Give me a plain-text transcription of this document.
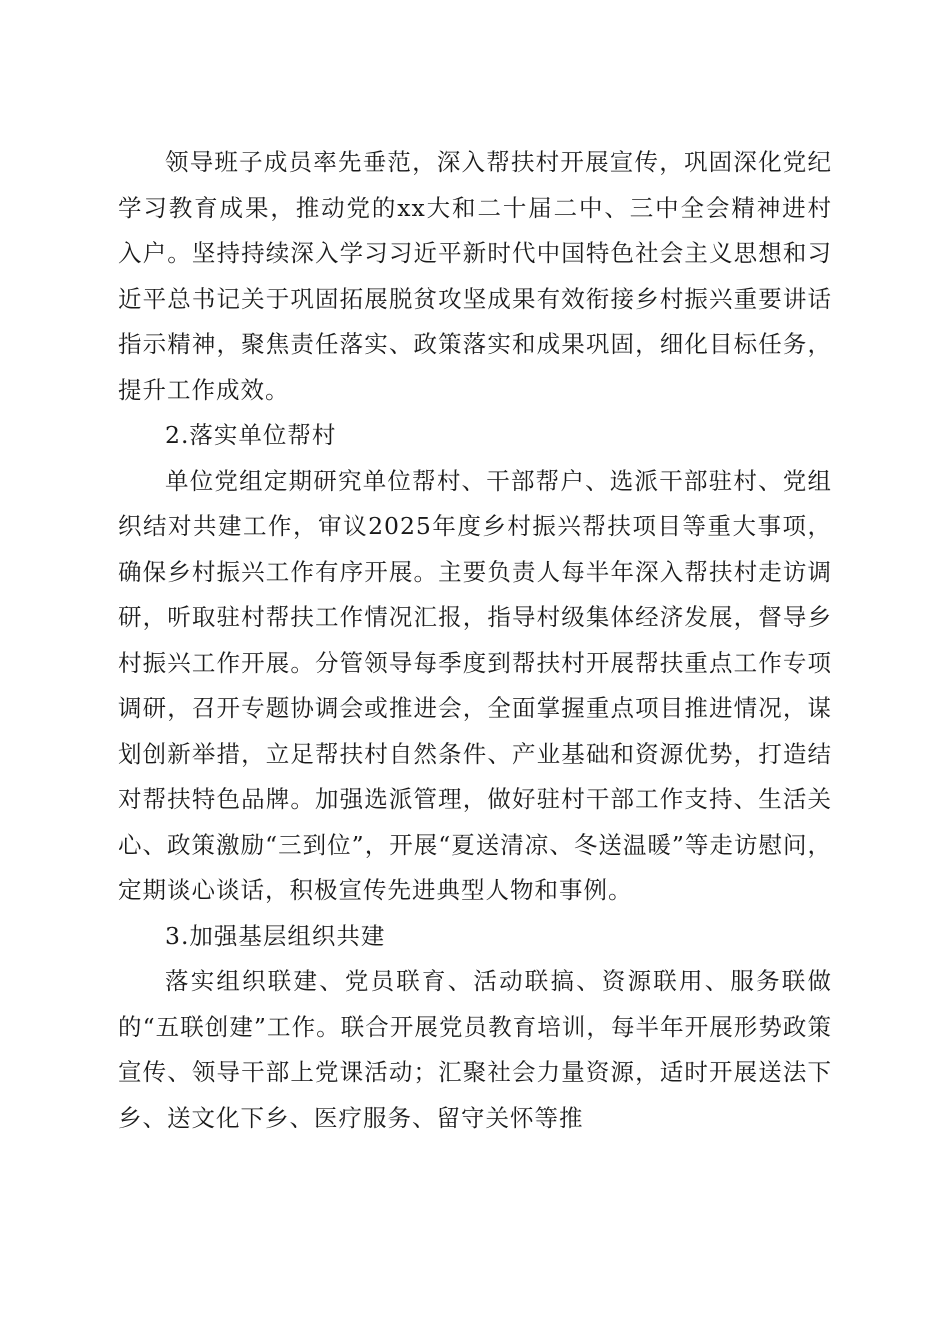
领导班子成员率先垂范，深入帮扶村开展宣传，巩固深化党纪学习教育成果，推动党的xx大和二十届二中、三中全会精神进村入户。坚持持续深入学习习近平新时代中国特色社会主义思想和习近平总书记关于巩固拓展脱贫攻坚成果有效衔接乡村振兴重要讲话指示精神，聚焦责任落实、政策落实和成果巩固，细化目标任务，提升工作成效。

2.落实单位帮村

单位党组定期研究单位帮村、干部帮户、选派干部驻村、党组织结对共建工作，审议2025年度乡村振兴帮扶项目等重大事项，确保乡村振兴工作有序开展。主要负责人每半年深入帮扶村走访调研，听取驻村帮扶工作情况汇报，指导村级集体经济发展，督导乡村振兴工作开展。分管领导每季度到帮扶村开展帮扶重点工作专项调研，召开专题协调会或推进会，全面掌握重点项目推进情况，谋划创新举措，立足帮扶村自然条件、产业基础和资源优势，打造结对帮扶特色品牌。加强选派管理，做好驻村干部工作支持、生活关心、政策激励“三到位”，开展“夏送清凉、冬送温暖”等走访慰问，定期谈心谈话，积极宣传先进典型人物和事例。

3.加强基层组织共建

落实组织联建、党员联育、活动联搞、资源联用、服务联做的“五联创建”工作。联合开展党员教育培训，每半年开展形势政策宣传、领导干部上党课活动；汇聚社会力量资源，适时开展送法下乡、送文化下乡、医疗服务、留守关怀等推
